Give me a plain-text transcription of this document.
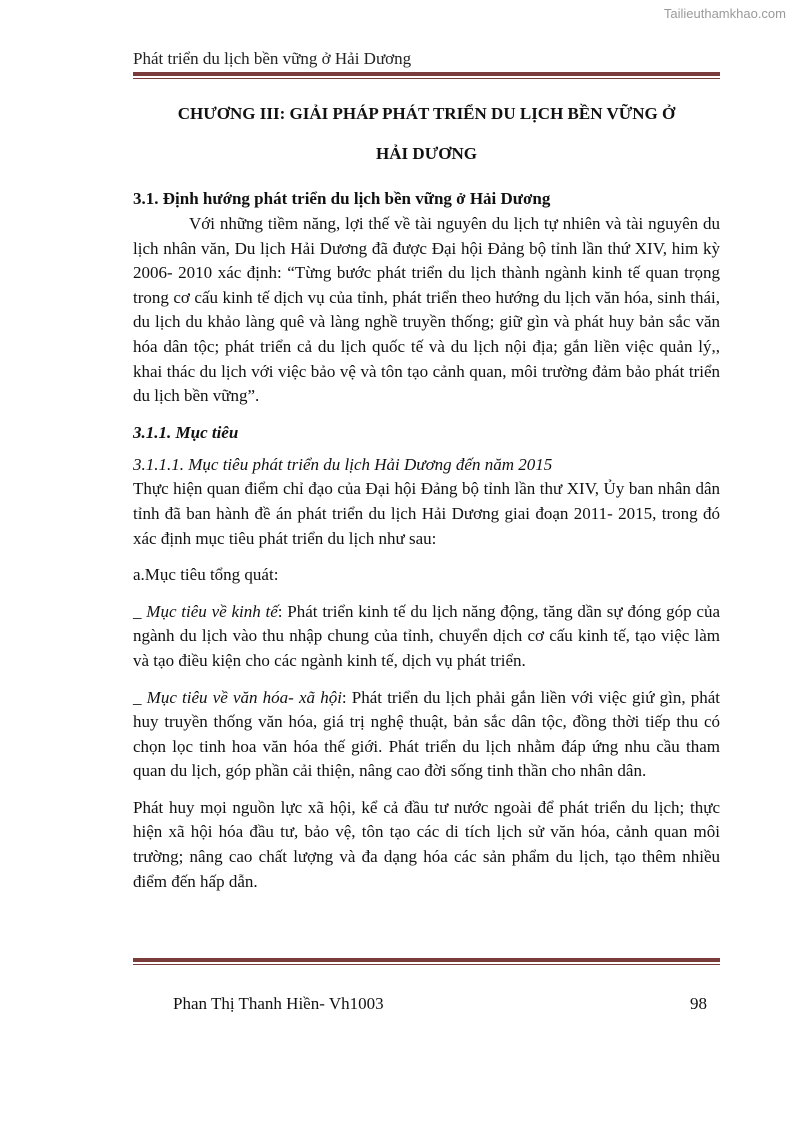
Tailieuthamkhao.com
Phát triển du lịch bền vững ở Hải Dương
CHƯƠNG III: GIẢI PHÁP PHÁT TRIỂN DU LỊCH BỀN VỮNG Ở
HẢI DƯƠNG
3.1. Định hướng phát triển du lịch bền vững ở Hải Dương

Với những tiềm năng, lợi thế về tài nguyên du lịch tự nhiên và tài nguyên du lịch nhân văn, Du lịch Hải Dương đã được Đại hội Đảng bộ tỉnh lần thứ XIV, him kỳ 2006- 2010 xác định: “Từng bước phát triển du lịch thành ngành kinh tế quan trọng trong cơ cấu kinh tế dịch vụ của tỉnh, phát triển theo hướng du lịch văn hóa, sinh thái, du lịch du khảo làng quê và làng nghề truyền thống; giữ gìn và phát huy bản sắc văn hóa dân tộc; phát triển cả du lịch quốc tế và du lịch nội địa; gắn liền việc quản lý,, khai thác du lịch với việc bảo vệ và tôn tạo cảnh quan, môi trường đảm bảo phát triển du lịch bền vững”.

3.1.1. Mục tiêu
3.1.1.1. Mục tiêu phát triển du lịch Hải Dương đến năm 2015

Thực hiện quan điểm chỉ đạo của Đại hội Đảng bộ tỉnh lần thư XIV, Ủy ban nhân dân tỉnh đã ban hành đề án phát triển du lịch Hải Dương giai đoạn 2011- 2015, trong đó xác định mục tiêu phát triển du lịch như sau:

a.Mục tiêu tổng quát:

_ Mục tiêu về kinh tế: Phát triển kinh tế du lịch năng động, tăng dần sự đóng góp của ngành du lịch vào thu nhập chung của tỉnh, chuyển dịch cơ cấu kinh tế, tạo việc làm và tạo điều kiện cho các ngành kinh tế, dịch vụ phát triển.

_ Mục tiêu về văn hóa- xã hội: Phát triển du lịch phải gắn liền với việc giứ gìn, phát huy truyền thống văn hóa, giá trị nghệ thuật, bản sắc dân tộc, đồng thời tiếp thu có chọn lọc tinh hoa văn hóa thế giới. Phát triển du lịch nhằm đáp ứng nhu cầu tham quan du lịch, góp phần cải thiện, nâng cao đời sống tinh thần cho nhân dân.

Phát huy mọi nguồn lực xã hội, kể cả đầu tư nước ngoài để phát triển du lịch; thực hiện xã hội hóa đầu tư, bảo vệ, tôn tạo các di tích lịch sử văn hóa, cảnh quan môi trường; nâng cao chất lượng và đa dạng hóa các sản phẩm du lịch, tạo thêm nhiều điểm đến hấp dẫn.

Phan Thị Thanh Hiền- Vh1003	98
